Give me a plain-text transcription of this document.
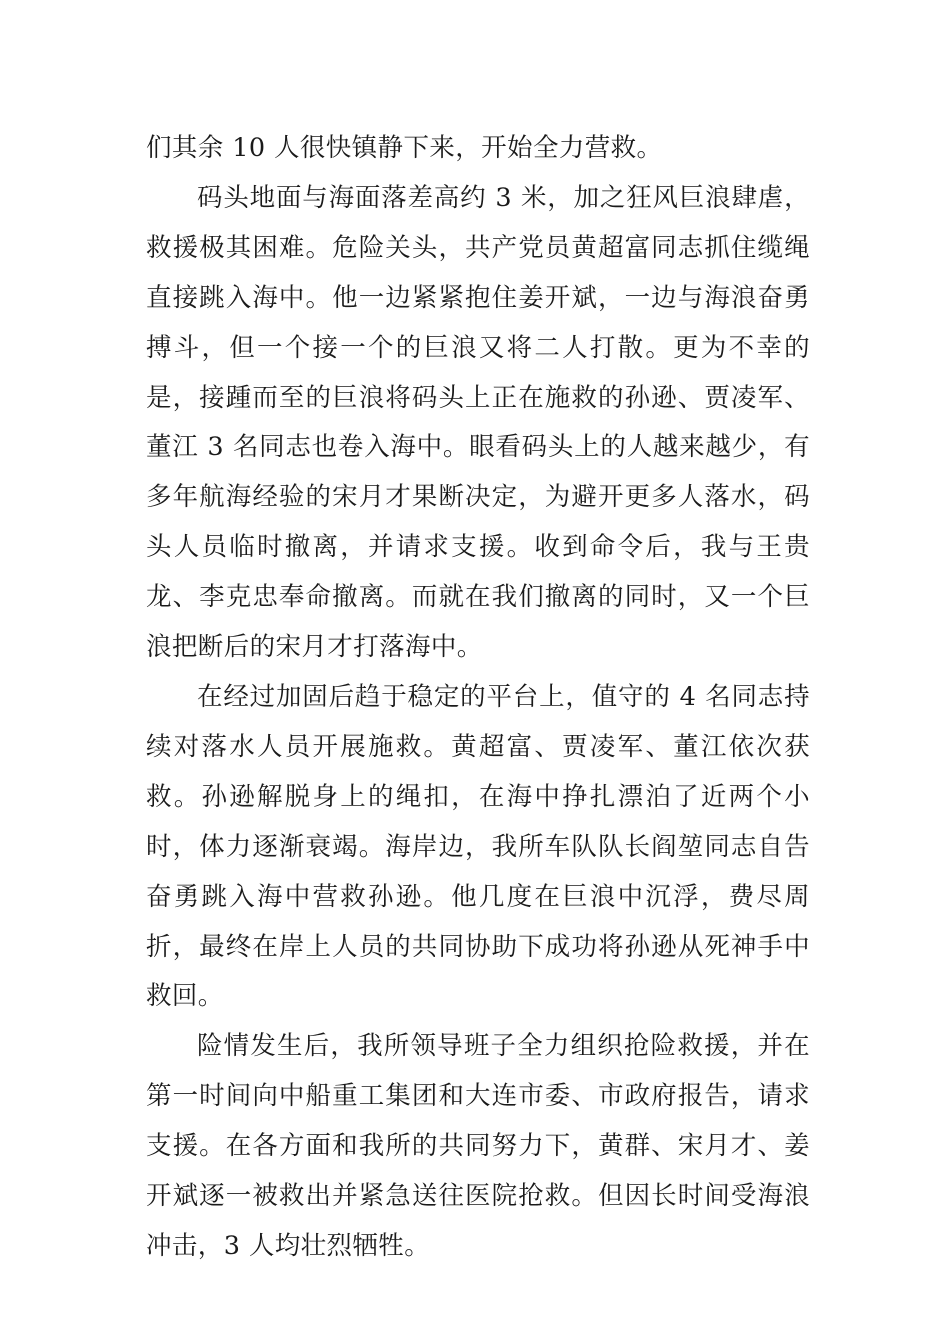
们其余 10 人很快镇静下来，开始全力营救。

码头地面与海面落差高约 3 米，加之狂风巨浪肆虐，救援极其困难。危险关头，共产党员黄超富同志抓住缆绳直接跳入海中。他一边紧紧抱住姜开斌，一边与海浪奋勇搏斗，但一个接一个的巨浪又将二人打散。更为不幸的是，接踵而至的巨浪将码头上正在施救的孙逊、贾凌军、董江 3 名同志也卷入海中。眼看码头上的人越来越少，有多年航海经验的宋月才果断决定，为避开更多人落水，码头人员临时撤离，并请求支援。收到命令后，我与王贵龙、李克忠奉命撤离。而就在我们撤离的同时，又一个巨浪把断后的宋月才打落海中。

在经过加固后趋于稳定的平台上，值守的 4 名同志持续对落水人员开展施救。黄超富、贾凌军、董江依次获救。孙逊解脱身上的绳扣，在海中挣扎漂泊了近两个小时，体力逐渐衰竭。海岸边，我所车队队长阎堃同志自告奋勇跳入海中营救孙逊。他几度在巨浪中沉浮，费尽周折，最终在岸上人员的共同协助下成功将孙逊从死神手中救回。

险情发生后，我所领导班子全力组织抢险救援，并在第一时间向中船重工集团和大连市委、市政府报告，请求支援。在各方面和我所的共同努力下，黄群、宋月才、姜开斌逐一被救出并紧急送往医院抢救。但因长时间受海浪冲击，3 人均壮烈牺牲。
